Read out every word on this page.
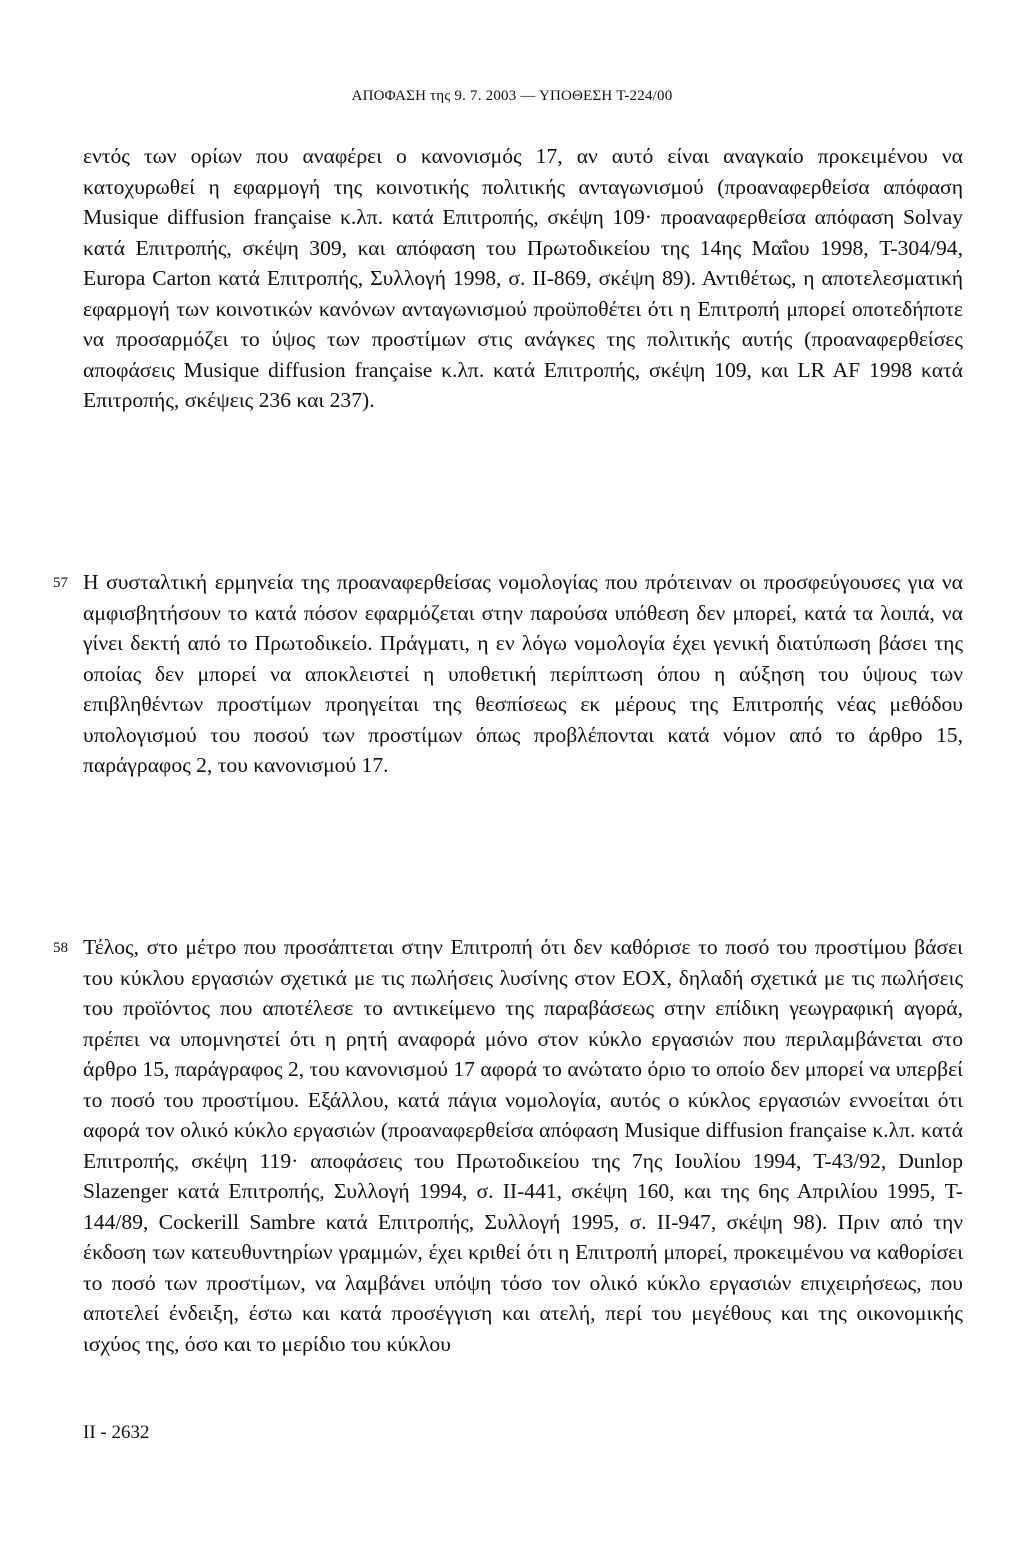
ΑΠΟΦΑΣΗ της 9. 7. 2003 — ΥΠΟΘΕΣΗ T-224/00

εντός των ορίων που αναφέρει ο κανονισμός 17, αν αυτό είναι αναγκαίο προκειμένου να κατοχυρωθεί η εφαρμογή της κοινοτικής πολιτικής ανταγωνισμού (προαναφερθείσα απόφαση Musique diffusion française κ.λπ. κατά Επιτροπής, σκέψη 109· προαναφερθείσα απόφαση Solvay κατά Επιτροπής, σκέψη 309, και απόφαση του Πρωτοδικείου της 14ης Μαΐου 1998, T-304/94, Europa Carton κατά Επιτροπής, Συλλογή 1998, σ. II-869, σκέψη 89). Αντιθέτως, η αποτελεσματική εφαρμογή των κοινοτικών κανόνων ανταγωνισμού προϋποθέτει ότι η Επιτροπή μπορεί οποτεδήποτε να προσαρμόζει το ύψος των προστίμων στις ανάγκες της πολιτικής αυτής (προαναφερθείσες αποφάσεις Musique diffusion française κ.λπ. κατά Επιτροπής, σκέψη 109, και LR AF 1998 κατά Επιτροπής, σκέψεις 236 και 237).

57 Η συσταλτική ερμηνεία της προαναφερθείσας νομολογίας που πρότειναν οι προσφεύγουσες για να αμφισβητήσουν το κατά πόσον εφαρμόζεται στην παρούσα υπόθεση δεν μπορεί, κατά τα λοιπά, να γίνει δεκτή από το Πρωτοδικείο. Πράγματι, η εν λόγω νομολογία έχει γενική διατύπωση βάσει της οποίας δεν μπορεί να αποκλειστεί η υποθετική περίπτωση όπου η αύξηση του ύψους των επιβληθέντων προστίμων προηγείται της θεσπίσεως εκ μέρους της Επιτροπής νέας μεθόδου υπολογισμού του ποσού των προστίμων όπως προβλέπονται κατά νόμον από το άρθρο 15, παράγραφος 2, του κανονισμού 17.

58 Τέλος, στο μέτρο που προσάπτεται στην Επιτροπή ότι δεν καθόρισε το ποσό του προστίμου βάσει του κύκλου εργασιών σχετικά με τις πωλήσεις λυσίνης στον ΕΟΧ, δηλαδή σχετικά με τις πωλήσεις του προϊόντος που αποτέλεσε το αντικείμενο της παραβάσεως στην επίδικη γεωγραφική αγορά, πρέπει να υπομνηστεί ότι η ρητή αναφορά μόνο στον κύκλο εργασιών που περιλαμβάνεται στο άρθρο 15, παράγραφος 2, του κανονισμού 17 αφορά το ανώτατο όριο το οποίο δεν μπορεί να υπερβεί το ποσό του προστίμου. Εξάλλου, κατά πάγια νομολογία, αυτός ο κύκλος εργασιών εννοείται ότι αφορά τον ολικό κύκλο εργασιών (προαναφερθείσα απόφαση Musique diffusion française κ.λπ. κατά Επιτροπής, σκέψη 119· αποφάσεις του Πρωτοδικείου της 7ης Ιουλίου 1994, T-43/92, Dunlop Slazenger κατά Επιτροπής, Συλλογή 1994, σ. II-441, σκέψη 160, και της 6ης Απριλίου 1995, T-144/89, Cockerill Sambre κατά Επιτροπής, Συλλογή 1995, σ. II-947, σκέψη 98). Πριν από την έκδοση των κατευθυντηρίων γραμμών, έχει κριθεί ότι η Επιτροπή μπορεί, προκειμένου να καθορίσει το ποσό των προστίμων, να λαμβάνει υπόψη τόσο τον ολικό κύκλο εργασιών επιχειρήσεως, που αποτελεί ένδειξη, έστω και κατά προσέγγιση και ατελή, περί του μεγέθους και της οικονομικής ισχύος της, όσο και το μερίδιο του κύκλου

II - 2632
